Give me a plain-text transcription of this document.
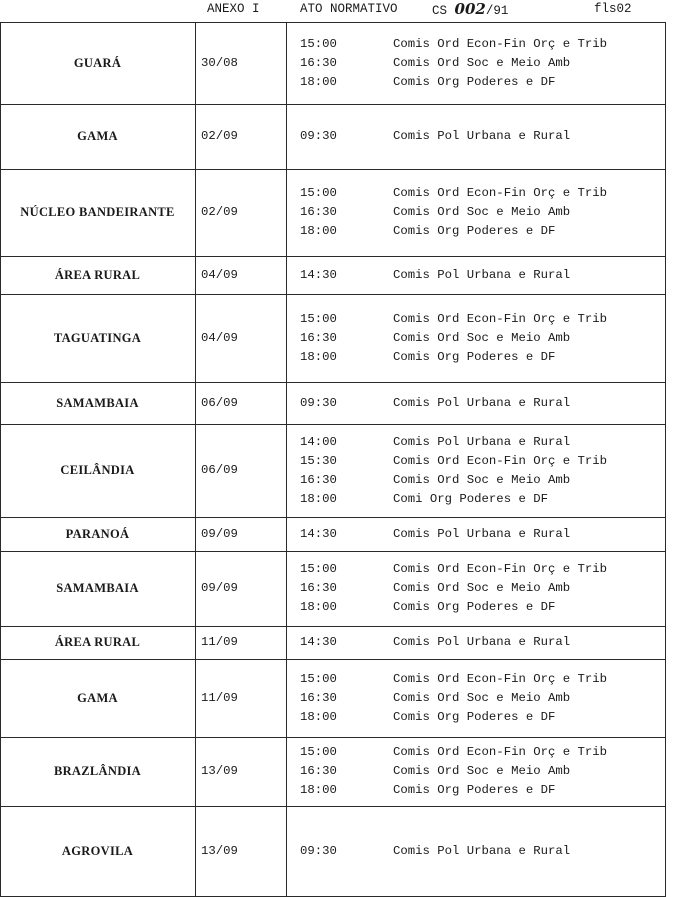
ANEXO I	ATO NORMATIVO	CS 002/91	fls02
GUARÁ	30/08
15:00	Comis Ord Econ-Fin Orç e Trib
16:30	Comis Ord Soc e Meio Amb
18:00	Comis Org Poderes e DF
GAMA	02/09	09:30	Comis Pol Urbana e Rural
NÚCLEO BANDEIRANTE	02/09
15:00	Comis Ord Econ-Fin Orç e Trib
16:30	Comis Ord Soc e Meio Amb
18:00	Comis Org Poderes e DF
ÁREA RURAL	04/09	14:30	Comis Pol Urbana e Rural
TAGUATINGA	04/09
15:00	Comis Ord Econ-Fin Orç e Trib
16:30	Comis Ord Soc e Meio Amb
18:00	Comis Org Poderes e DF
SAMAMBAIA	06/09	09:30	Comis Pol Urbana e Rural
CEILÂNDIA	06/09
14:00	Comis Pol Urbana e Rural
15:30	Comis Ord Econ-Fin Orç e Trib
16:30	Comis Ord Soc e Meio Amb
18:00	Comi Org Poderes e DF
PARANOÁ	09/09	14:30	Comis Pol Urbana e Rural
SAMAMBAIA	09/09
15:00	Comis Ord Econ-Fin Orç e Trib
16:30	Comis Ord Soc e Meio Amb
18:00	Comis Org Poderes e DF
ÁREA RURAL	11/09	14:30	Comis Pol Urbana e Rural
GAMA	11/09
15:00	Comis Ord Econ-Fin Orç e Trib
16:30	Comis Ord Soc e Meio Amb
18:00	Comis Org Poderes e DF
BRAZLÂNDIA	13/09
15:00	Comis Ord Econ-Fin Orç e Trib
16:30	Comis Ord Soc e Meio Amb
18:00	Comis Org Poderes e DF
AGROVILA	13/09	09:30	Comis Pol Urbana e Rural
